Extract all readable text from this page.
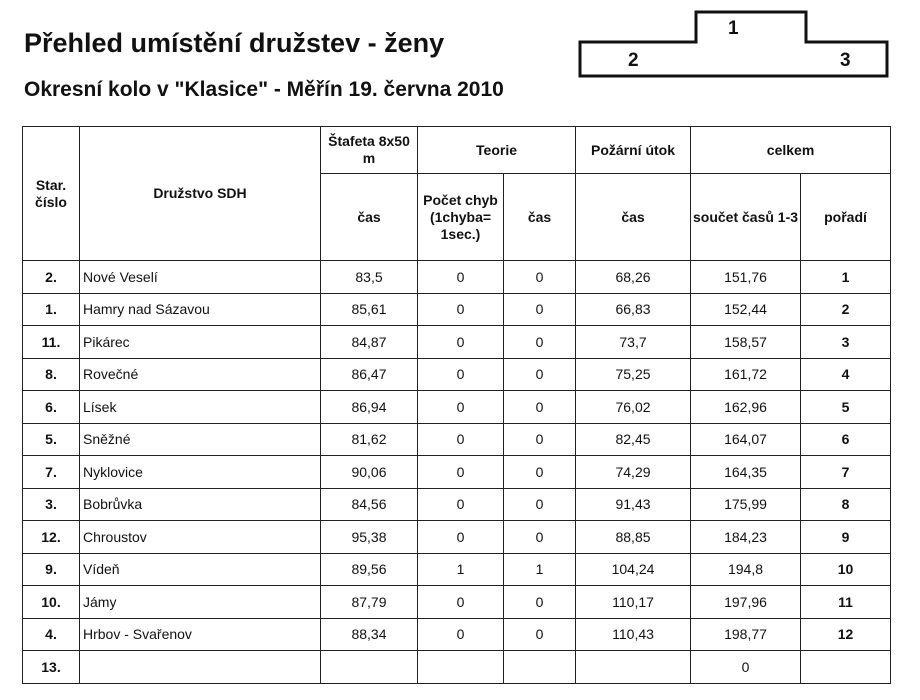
Přehled umístění družstev - ženy
Okresní kolo v "Klasice" - Měřín 19. června 2010
1
2	3
Star. číslo	Družstvo SDH	Štafeta 8x50 m	Teorie		Požární útok	celkem	
		čas	Počet chyb (1chyba= 1sec.)	čas	čas	součet časů 1-3	pořadí
2.	Nové Veselí	83,5	0	0	68,26	151,76	1
1.	Hamry nad Sázavou	85,61	0	0	66,83	152,44	2
11.	Pikárec	84,87	0	0	73,7	158,57	3
8.	Rovečné	86,47	0	0	75,25	161,72	4
6.	Lísek	86,94	0	0	76,02	162,96	5
5.	Sněžné	81,62	0	0	82,45	164,07	6
7.	Nyklovice	90,06	0	0	74,29	164,35	7
3.	Bobrůvka	84,56	0	0	91,43	175,99	8
12.	Chroustov	95,38	0	0	88,85	184,23	9
9.	Vídeň	89,56	1	1	104,24	194,8	10
10.	Jámy	87,79	0	0	110,17	197,96	11
4.	Hrbov - Svařenov	88,34	0	0	110,43	198,77	12
13.						0	
